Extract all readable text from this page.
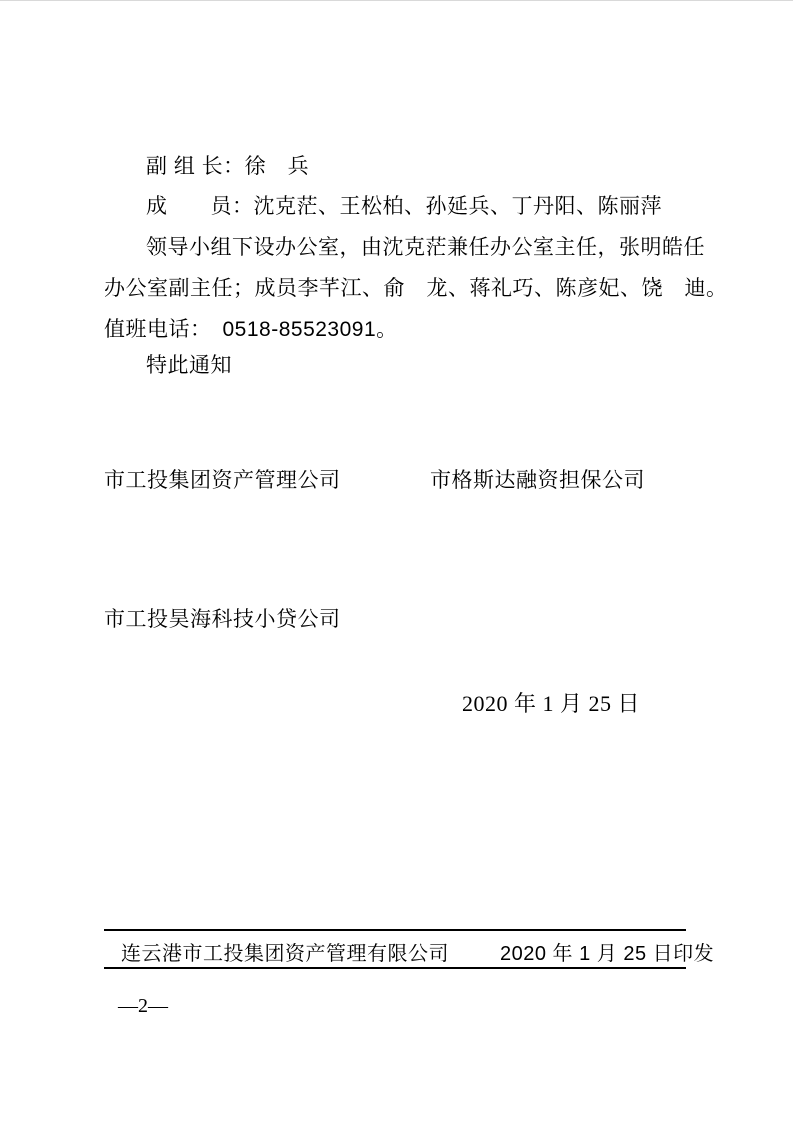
副 组 长：徐　兵
成　　员：沈克茫、王松柏、孙延兵、丁丹阳、陈丽萍
领导小组下设办公室，由沈克茫兼任办公室主任，张明皓任
办公室副主任；成员李芊江、俞　龙、蒋礼巧、陈彦妃、饶　迪。
值班电话：　0518-85523091。
特此通知
市工投集团资产管理公司	市格斯达融资担保公司
市工投昊海科技小贷公司
2020 年 1 月 25 日
连云港市工投集团资产管理有限公司	2020 年 1 月 25 日印发
—2—
